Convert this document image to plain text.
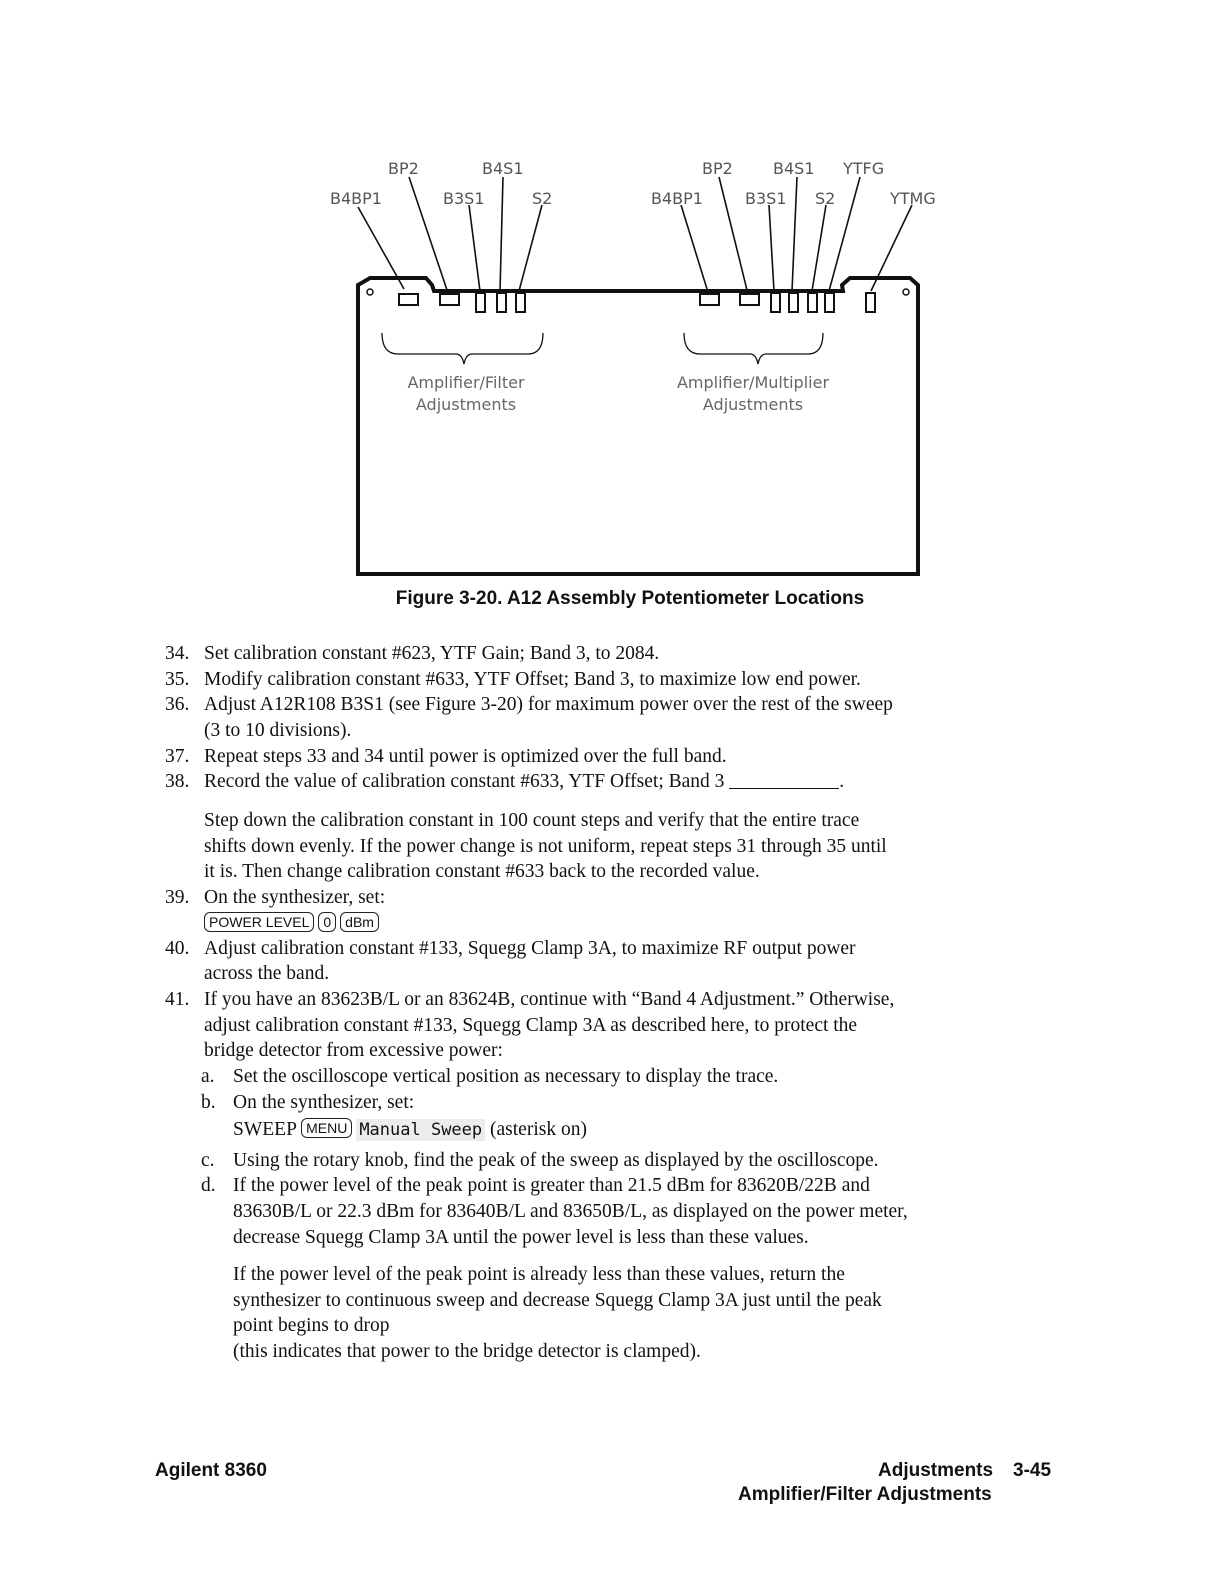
BP2	B4S1
B4BP1	B3S1	S2
BP2	B4S1 YTFG
B4BP1	B3S1 S2	YTMG
Amplifier/Filter
Adjustments
Amplifier/Multiplier
Adjustments
Figure 3-20. A12 Assembly Potentiometer Locations
34. Set calibration constant #623, YTF Gain; Band 3, to 2084.
35. Modify calibration constant #633, YTF Offset; Band 3, to maximize low end power.
36. Adjust A12R108 B3S1 (see Figure 3-20) for maximum power over the rest of the sweep
(3 to 10 divisions).
37. Repeat steps 33 and 34 until power is optimized over the full band.
38. Record the value of calibration constant #633, YTF Offset; Band 3	.
Step down the calibration constant in 100 count steps and verify that the entire trace
shifts down evenly. If the power change is not uniform, repeat steps 31 through 35 until
it is. Then change calibration constant #633 back to the recorded value.
39. On the synthesizer, set:
POWER LEVEL 0 dBm
40. Adjust calibration constant #133, Squegg Clamp 3A, to maximize RF output power
across the band.
41. If you have an 83623B/L or an 83624B, continue with “Band 4 Adjustment.” Otherwise,
adjust calibration constant #133, Squegg Clamp 3A as described here, to protect the
bridge detector from excessive power:
a. Set the oscilloscope vertical position as necessary to display the trace.
b. On the synthesizer, set:
SWEEP MENU Manual Sweep (asterisk on)
c. Using the rotary knob, find the peak of the sweep as displayed by the oscilloscope.
d. If the power level of the peak point is greater than 21.5 dBm for 83620B/22B and
83630B/L or 22.3 dBm for 83640B/L and 83650B/L, as displayed on the power meter,
decrease Squegg Clamp 3A until the power level is less than these values.
If the power level of the peak point is already less than these values, return the
synthesizer to continuous sweep and decrease Squegg Clamp 3A just until the peak
point begins to drop
(this indicates that power to the bridge detector is clamped).
Agilent 8360	Adjustments 3-45
Amplifier/Filter Adjustments
